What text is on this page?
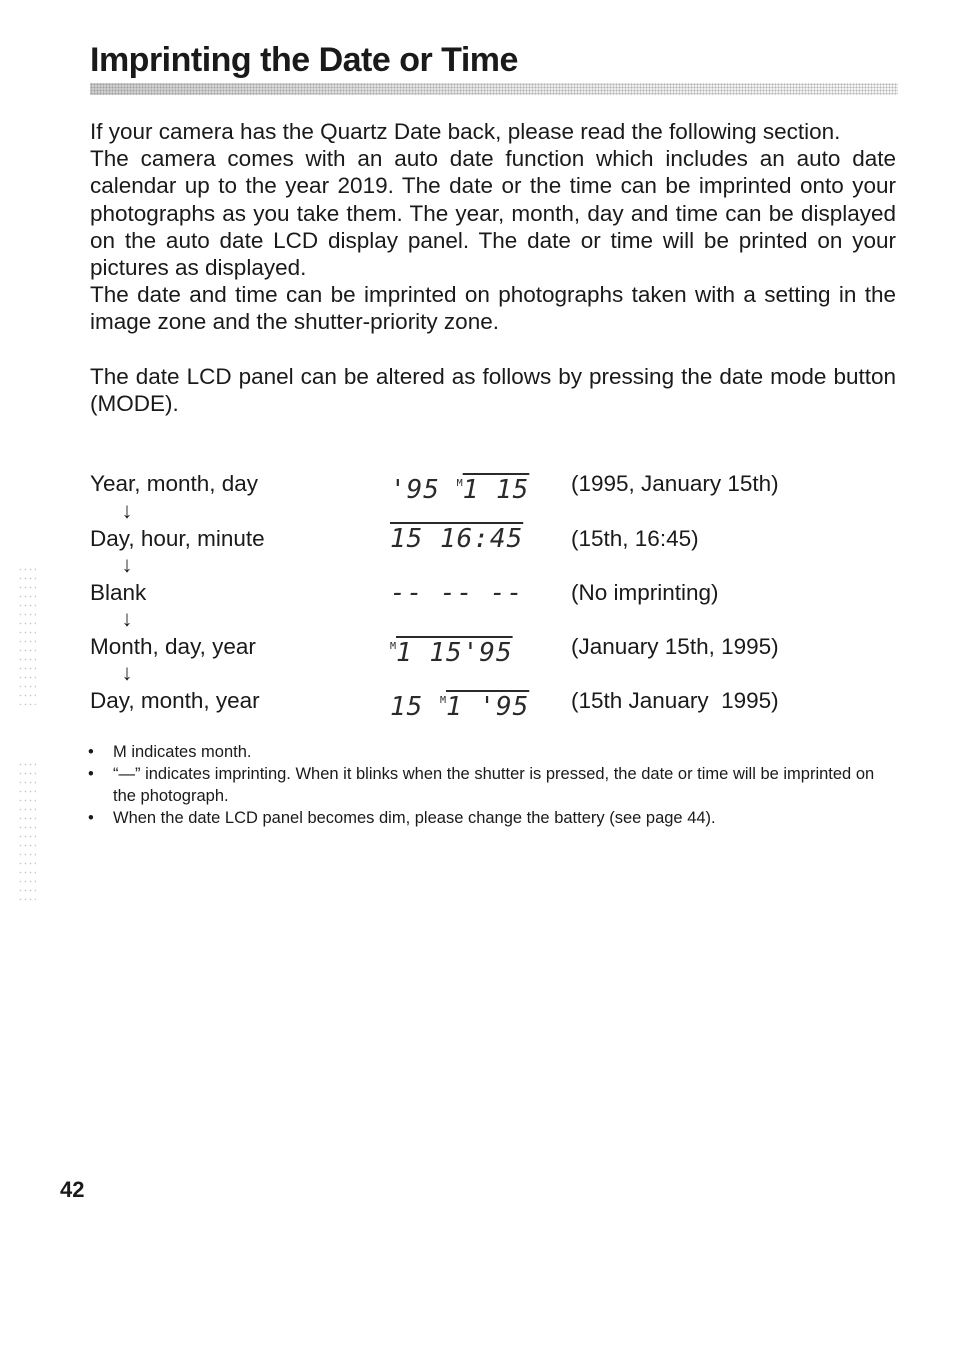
Imprinting the Date or Time

If your camera has the Quartz Date back, please read the following section.

The camera comes with an auto date function which includes an auto date calendar up to the year 2019. The date or the time can be imprinted onto your photographs as you take them. The year, month, day and time can be displayed on the auto date LCD display panel. The date or time will be printed on your pictures as displayed.

The date and time can be imprinted on photographs taken with a setting in the image zone and the shutter-priority zone.

The date LCD panel can be altered as follows by pressing the date mode button (MODE).

Year, month, day	'95 $^M$1 15 (1995, January 15th)
↓
Day, hour, minute	15 16:45 (15th, 16:45)
↓
Blank	-- -- -- (No imprinting)
↓
Month, day, year	$^M$1 15'95	(January 15th, 1995)
↓
Day, month, year	15 $^M$1 '95 (15th January  1995)
• M indicates month.
• “—” indicates imprinting. When it blinks when the shutter is pressed, the date or time will be imprinted on the photograph.
• When the date LCD panel becomes dim, please change the battery (see page 44).
42
